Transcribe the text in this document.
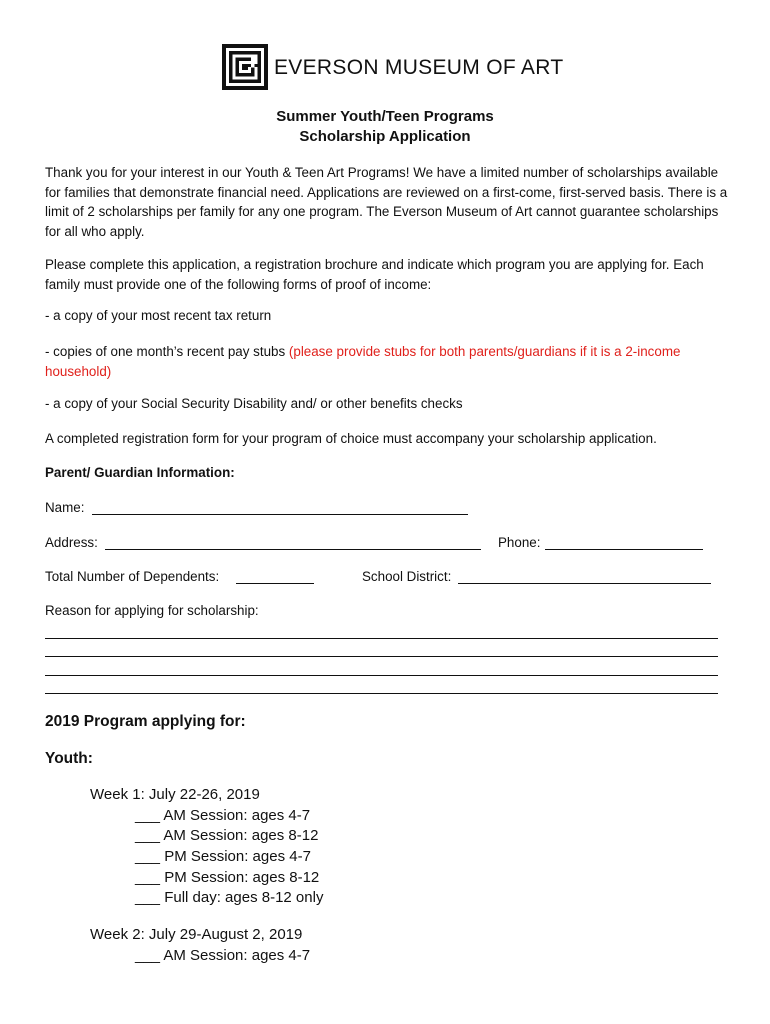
EVERSON MUSEUM OF ART
Summer Youth/Teen Programs
Scholarship Application
Thank you for your interest in our Youth & Teen Art Programs! We have a limited number of scholarships available for families that demonstrate financial need. Applications are reviewed on a first-come, first-served basis. There is a limit of 2 scholarships per family for any one program. The Everson Museum of Art cannot guarantee scholarships for all who apply.
Please complete this application, a registration brochure and indicate which program you are applying for. Each family must provide one of the following forms of proof of income:
- a copy of your most recent tax return
- copies of one month’s recent pay stubs (please provide stubs for both parents/guardians if it is a 2-income household)
- a copy of your Social Security Disability and/ or other benefits checks
A completed registration form for your program of choice must accompany your scholarship application.
Parent/ Guardian Information:
Name:
Address:	Phone:
Total Number of Dependents:	School District:
Reason for applying for scholarship:
2019 Program applying for:
Youth:
Week 1: July 22-26, 2019
___ AM Session: ages 4-7
___ AM Session: ages 8-12
___ PM Session: ages 4-7
___ PM Session: ages 8-12
___ Full day: ages 8-12 only
Week 2: July 29-August 2, 2019
___ AM Session: ages 4-7
